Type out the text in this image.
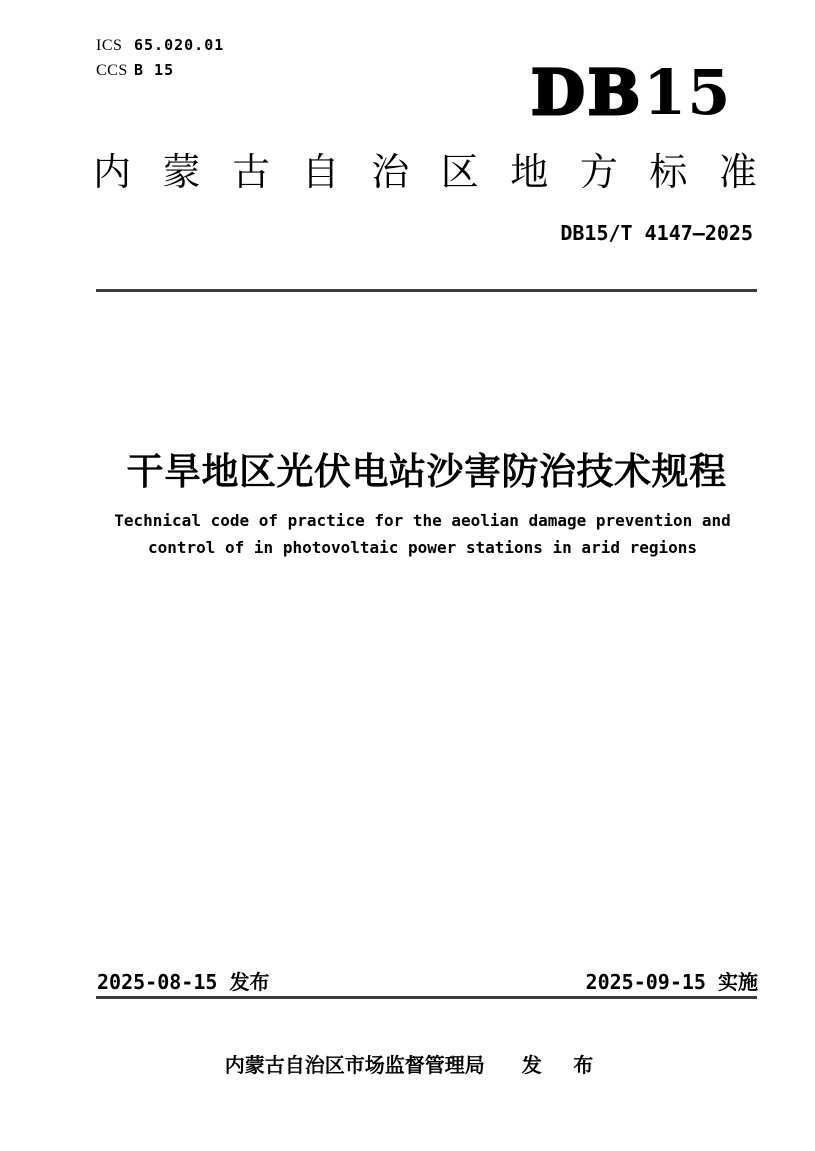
ICS 65.020.01
CCS B 15	DB15
内 蒙 古 自 治 区 地 方 标 准
DB15/T 4147—2025
干旱地区光伏电站沙害防治技术规程
Technical code of practice for the aeolian damage prevention and
control of in photovoltaic power stations in arid regions
2025-08-15 发布	2025-09-15 实施
内蒙古自治区市场监督管理局 发 布
